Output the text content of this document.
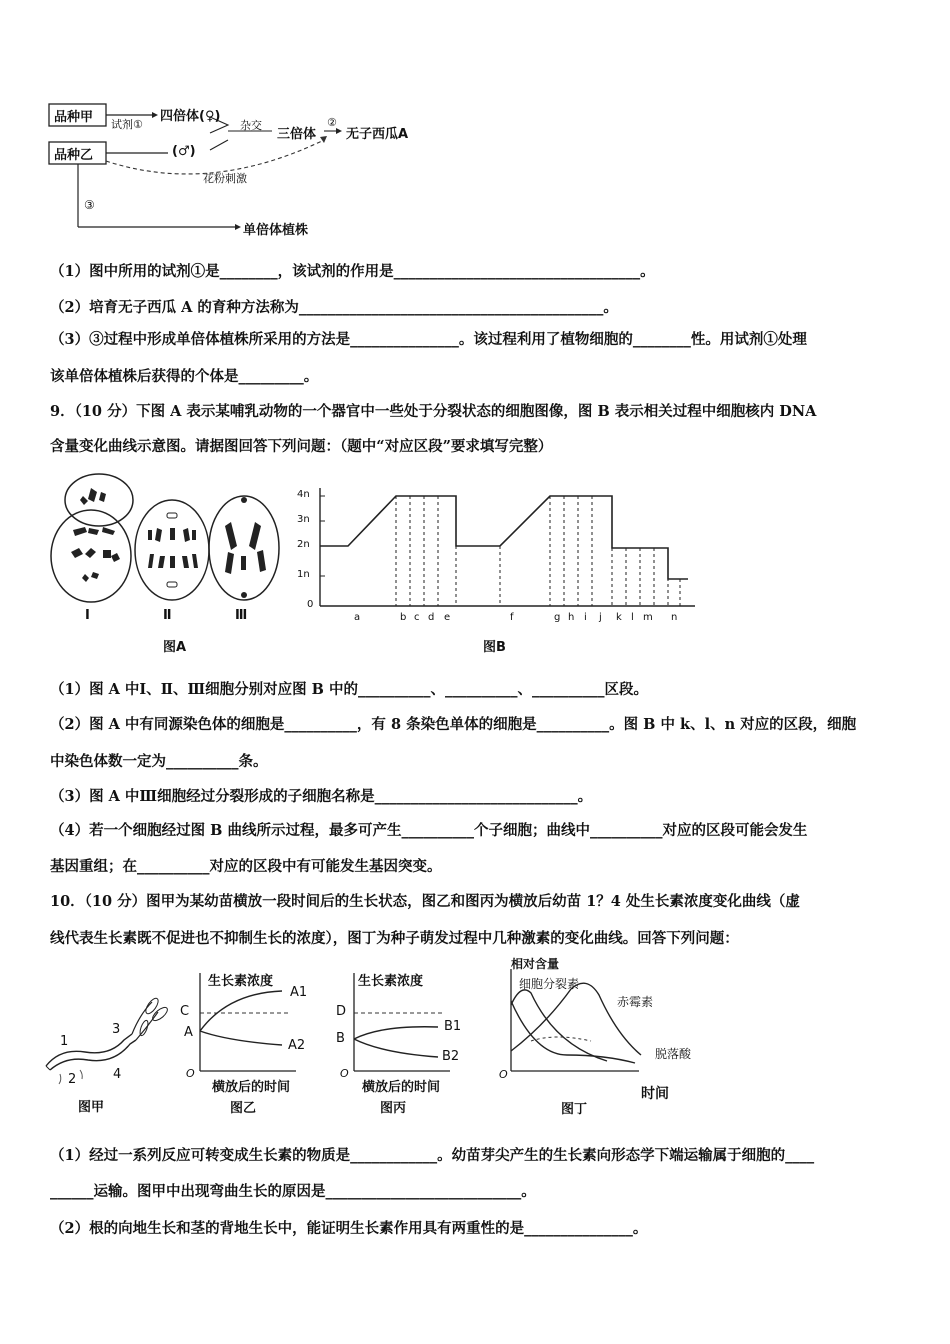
品种甲
品种乙
试剂①
四倍体(♀)
(♂)
杂交
三倍体
②
无子西瓜A
花粉刺激
③
单倍体植株
（1）图中所用的试剂①是________，该试剂的作用是__________________________________。
（2）培育无子西瓜 A 的育种方法称为__________________________________________。
（3）③过程中形成单倍体植株所采用的方法是_______________。该过程利用了植物细胞的________性。用试剂①处理
该单倍体植株后获得的个体是_________。
9．（10 分）下图 A 表示某哺乳动物的一个器官中一些处于分裂状态的细胞图像，图 B 表示相关过程中细胞核内 DNA
含量变化曲线示意图。请据图回答下列问题：（题中“对应区段”要求填写完整）
Ⅰ	Ⅱ	Ⅲ
图A
4n
3n
2n
1n
0
a	b c d e	f	g h i j k l m n
图B
（1）图 A 中Ⅰ、Ⅱ、Ⅲ细胞分别对应图 B 中的__________、__________、__________区段。
（2）图 A 中有同源染色体的细胞是__________，有 8 条染色单体的细胞是__________。图 B 中 k、l、n 对应的区段，细胞
中染色体数一定为__________条。
（3）图 A 中Ⅲ细胞经过分裂形成的子细胞名称是____________________________。
（4）若一个细胞经过图 B 曲线所示过程，最多可产生__________个子细胞；曲线中__________对应的区段可能会发生
基因重组；在__________对应的区段中有可能发生基因突变。
10．（10 分）图甲为某幼苗横放一段时间后的生长状态，图乙和图丙为横放后幼苗 1？4 处生长素浓度变化曲线（虚
线代表生长素既不促进也不抑制生长的浓度），图丁为种子萌发过程中几种激素的变化曲线。回答下列问题：
1
2
3
4
图甲
生长素浓度
C
A
A1
A2
O
横放后的时间
图乙
生长素浓度
D
B
B1
B2
O
横放后的时间
图丙
相对含量
细胞分裂素
赤霉素
脱落酸
O
时间
图丁
（1）经过一系列反应可转变成生长素的物质是____________。幼苗芽尖产生的生长素向形态学下端运输属于细胞的____
______运输。图甲中出现弯曲生长的原因是___________________________。
（2）根的向地生长和茎的背地生长中，能证明生长素作用具有两重性的是_______________。
